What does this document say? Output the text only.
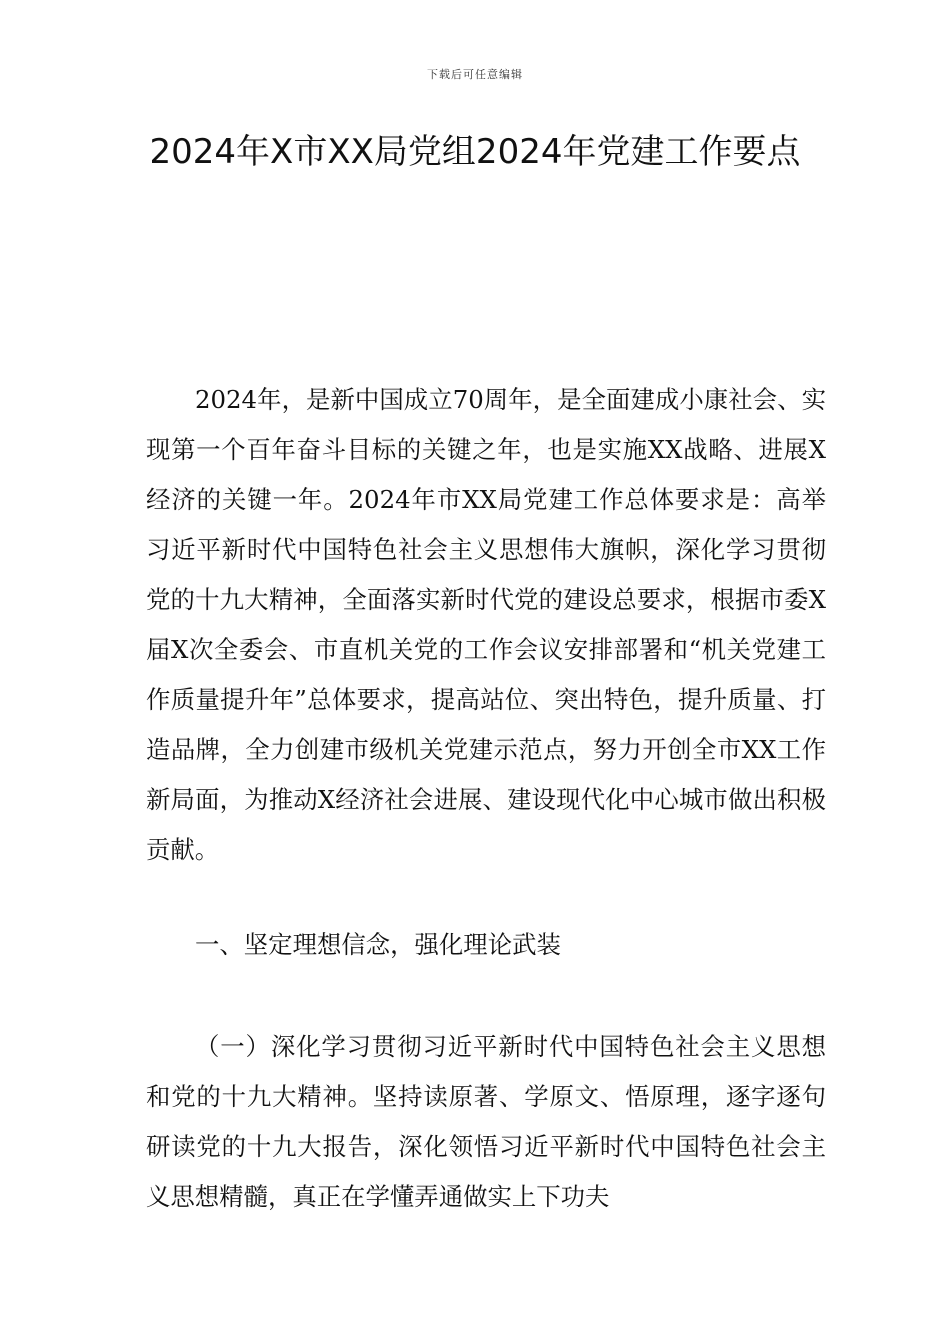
下载后可任意编辑
2024年X市XX局党组2024年党建工作要点

2024年，是新中国成立70周年，是全面建成小康社会、实现第一个百年奋斗目标的关键之年，也是实施XX战略、进展X经济的关键一年。2024年市XX局党建工作总体要求是：高举习近平新时代中国特色社会主义思想伟大旗帜，深化学习贯彻党的十九大精神，全面落实新时代党的建设总要求，根据市委X届X次全委会、市直机关党的工作会议安排部署和“机关党建工作质量提升年”总体要求，提高站位、突出特色，提升质量、打造品牌，全力创建市级机关党建示范点，努力开创全市XX工作新局面，为推动X经济社会进展、建设现代化中心城市做出积极贡献。

一、坚定理想信念，强化理论武装

（一）深化学习贯彻习近平新时代中国特色社会主义思想和党的十九大精神。坚持读原著、学原文、悟原理，逐字逐句研读党的十九大报告，深化领悟习近平新时代中国特色社会主义思想精髓，真正在学懂弄通做实上下功夫
